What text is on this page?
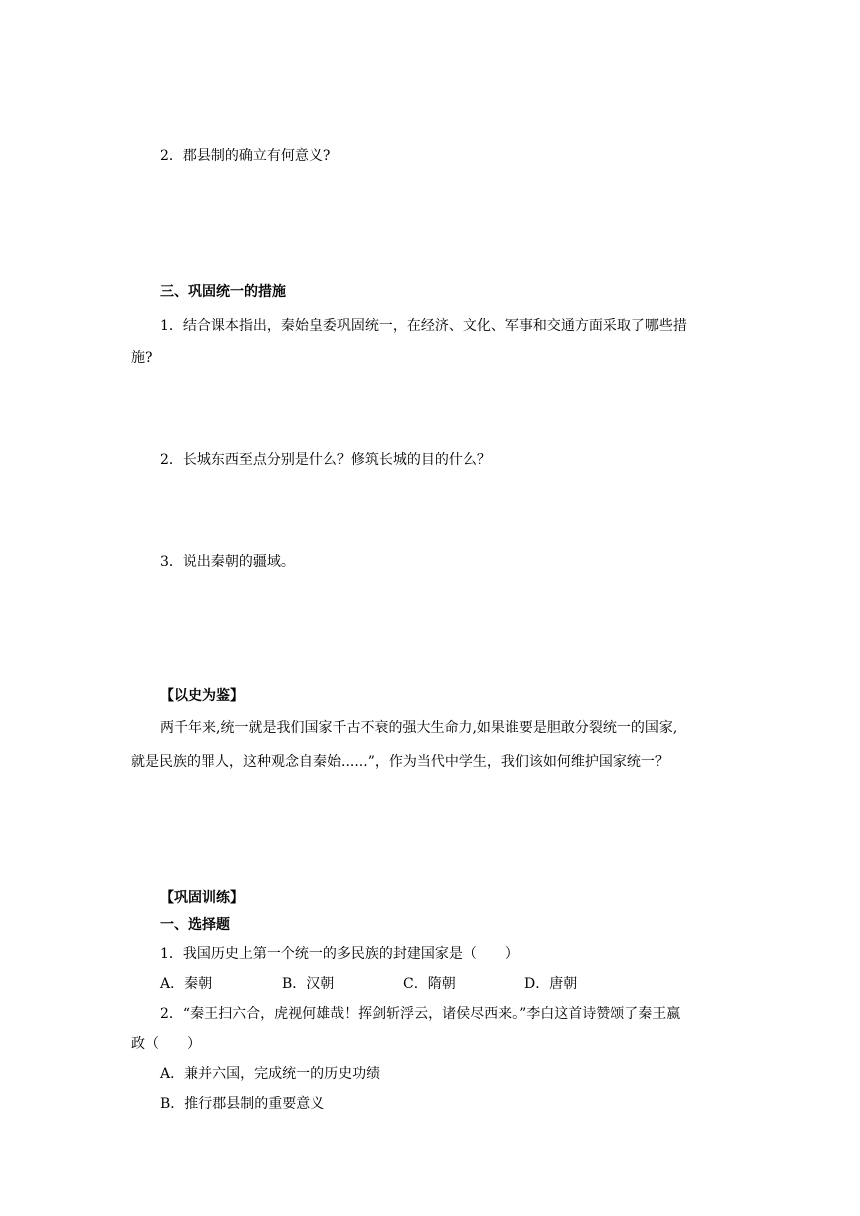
2．郡县制的确立有何意义?
三、巩固统一的措施
1．结合课本指出，秦始皇委巩固统一，在经济、文化、军事和交通方面采取了哪些措
施?
2．长城东西至点分别是什么？修筑长城的目的什么？
3．说出秦朝的疆域。
【以史为鉴】
两千年来,统一就是我们国家千古不衰的强大生命力,如果谁要是胆敢分裂统一的国家,
就是民族的罪人，这种观念自秦始......”，作为当代中学生，我们该如何维护国家统一？
【巩固训练】
一、选择题
1．我国历史上第一个统一的多民族的封建国家是（　　）
A．秦朝	B．汉朝	C．隋朝	D．唐朝
2．“秦王扫六合，虎视何雄哉！挥剑斩浮云，诸侯尽西来。”李白这首诗赞颂了秦王嬴
政（　　）
A．兼并六国，完成统一的历史功绩
B．推行郡县制的重要意义
